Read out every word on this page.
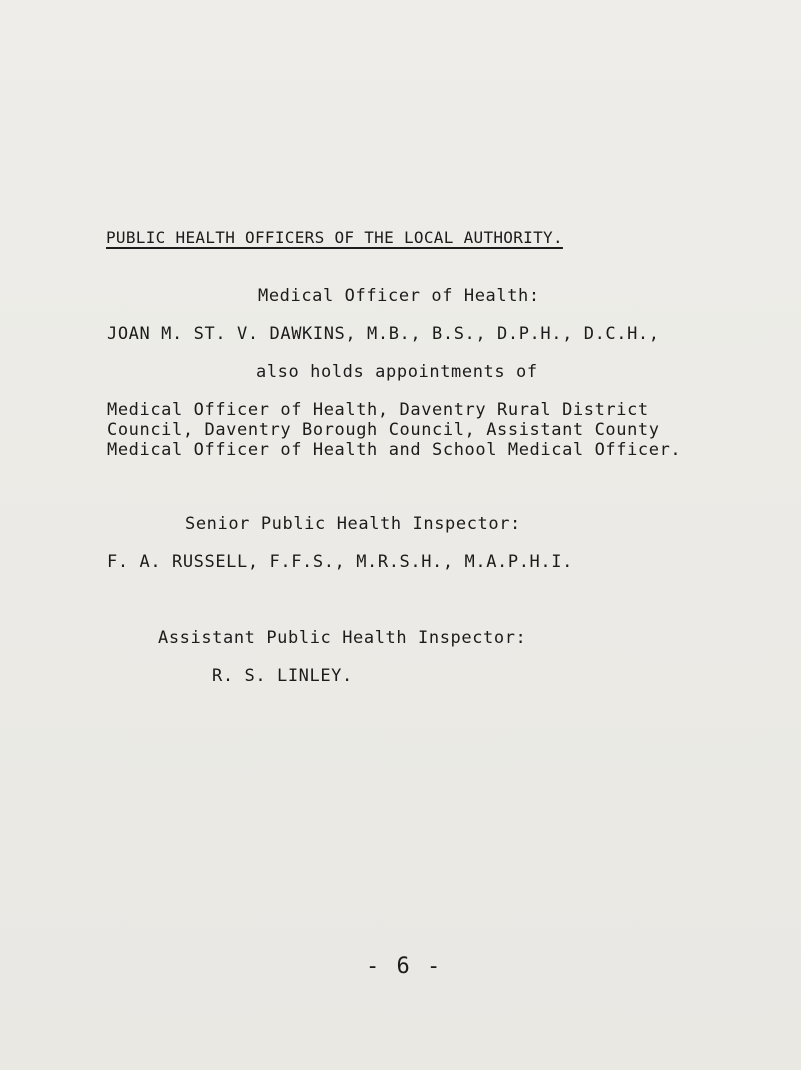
PUBLIC HEALTH OFFICERS OF THE LOCAL AUTHORITY.
Medical Officer of Health:
JOAN M. ST. V. DAWKINS, M.B., B.S., D.P.H., D.C.H.,
also holds appointments of
Medical Officer of Health, Daventry Rural District
Council, Daventry Borough Council, Assistant County
Medical Officer of Health and School Medical Officer.
Senior Public Health Inspector:
F. A. RUSSELL, F.F.S., M.R.S.H., M.A.P.H.I.
Assistant Public Health Inspector:
R. S. LINLEY.
- 6 -
